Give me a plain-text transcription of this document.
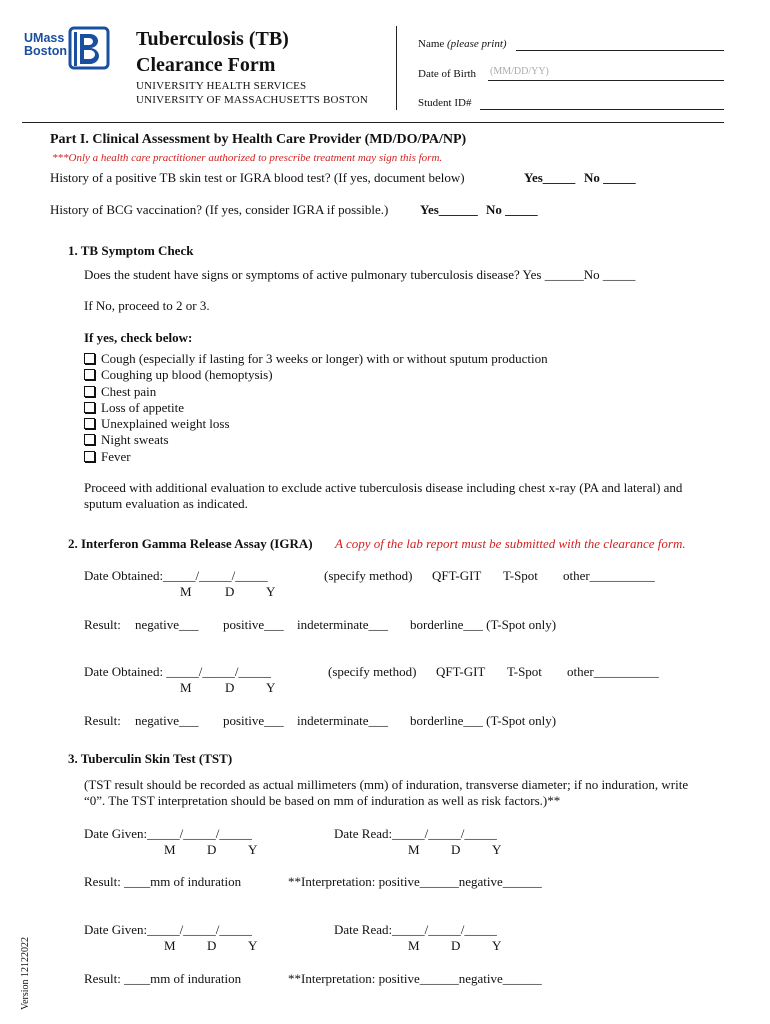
UMass
Boston
Tuberculosis (TB)
Clearance Form
UNIVERSITY HEALTH SERVICES
UNIVERSITY OF MASSACHUSETTS BOSTON
Name (please print)
Date of Birth (MM/DD/YY)
Student ID#
Part I. Clinical Assessment by Health Care Provider (MD/DO/PA/NP)
***Only a health care practitioner authorized to prescribe treatment may sign this form.
History of a positive TB skin test or IGRA blood test? (If yes, document below)	Yes_____ No _____
History of BCG vaccination? (If yes, consider IGRA if possible.) Yes______ No _____
1. TB Symptom Check
Does the student have signs or symptoms of active pulmonary tuberculosis disease? Yes ______No _____
If No, proceed to 2 or 3.
If yes, check below:
Cough (especially if lasting for 3 weeks or longer) with or without sputum production
Coughing up blood (hemoptysis)
Chest pain
Loss of appetite
Unexplained weight loss
Night sweats
Fever
Proceed with additional evaluation to exclude active tuberculosis disease including chest x-ray (PA and lateral) and
sputum evaluation as indicated.
2. Interferon Gamma Release Assay (IGRA) A copy of the lab report must be submitted with the clearance form.
Date Obtained:_____/_____/_____	(specify method) QFT-GIT T-Spot other__________
M	D Y
Result: negative___ positive___ indeterminate___ borderline___ (T-Spot only)
Date Obtained: _____/_____/_____	(specify method) QFT-GIT T-Spot other__________
M	D Y
Result: negative___ positive___ indeterminate___ borderline___ (T-Spot only)
3. Tuberculin Skin Test (TST)
(TST result should be recorded as actual millimeters (mm) of induration, transverse diameter; if no induration, write
“0”. The TST interpretation should be based on mm of induration as well as risk factors.)**
Date Given:_____/_____/_____	Date Read:_____/_____/_____
M D Y	M D Y
Result: ____mm of induration	**Interpretation: positive______negative______
Date Given:_____/_____/_____	Date Read:_____/_____/_____
M D Y	M D Y
Result: ____mm of induration	**Interpretation: positive______negative______
Version 12122022
